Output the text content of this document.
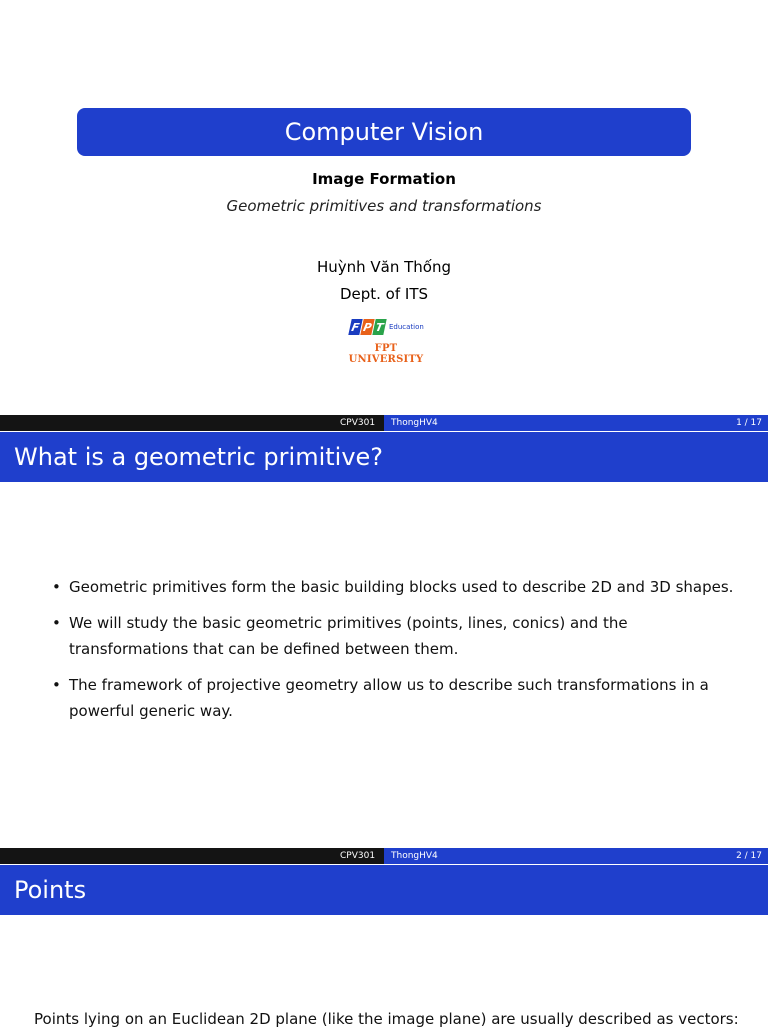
Computer Vision
Image Formation
Geometric primitives and transformations
Huỳnh Văn Thống
Dept. of ITS
F P T Education
FPT UNIVERSITY
CPV301 ThongHV4	1 / 17
What is a geometric primitive?
• Geometric primitives form the basic building blocks used to describe 2D and 3D shapes.
• We will study the basic geometric primitives (points, lines, conics) and the transformations that can be defined between them.
• The framework of projective geometry allow us to describe such transformations in a powerful generic way.
CPV301 ThongHV4	2 / 17
Points
Points lying on an Euclidean 2D plane (like the image plane) are usually described as vectors:
